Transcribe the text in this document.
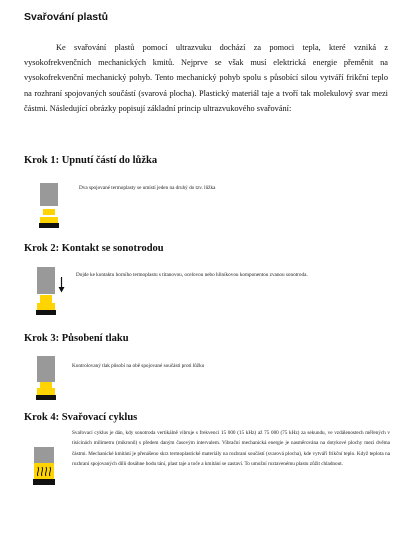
Svařování plastů
Ke svařování plastů pomocí ultrazvuku dochází za pomoci tepla, které vzniká z vysokofrekvenčních mechanických kmitů. Nejprve se však musí elektrická energie přeměnit na vysokofrekvenční mechanický pohyb. Tento mechanický pohyb spolu s působící silou vytváří frikční teplo na rozhraní spojovaných součástí (svarová plocha). Plastický materiál taje a tvoří tak molekulový svar mezi částmi. Následující obrázky popisují základní princip ultrazvukového svařování:
Krok 1: Upnutí částí do lůžka
Dva spojované termoplasty se umístí jeden na druhý do tzv. lůžka
Krok 2: Kontakt se sonotrodou
Dojde ke kontaktu horního termoplastu s titanovou, ocelovou nebo hliníkovou komponentou zvanou sonotroda.
Krok 3: Působení tlaku
Kontrolovaný tlak působí na obě spojované součásti proti lůžku
Krok 4: Svařovací cyklus
Svařovací cyklus je dán, kdy sonotroda vertikálně vibruje s frekvencí 15 000 (15 kHz) až 75 000 (75 kHz) za sekundu, ve vzdálenostech měřených v tisícinách milimetru (mikronů) s předem daným časovým intervalem. Vibrační mechanická energie je nasměrována na dotykové plochy mezi dvěma částmi. Mechanické kmitání je přenášeno skrz termoplastické materiály na rozhraní součástí (svarová plocha), kde vytváří frikční teplo. Když teplota na rozhraní spojovaných dílů dosáhne bodu tání, plast taje a toče a kmitání se zastaví. To umožní roztavenému plastu zůžit chladnout.
